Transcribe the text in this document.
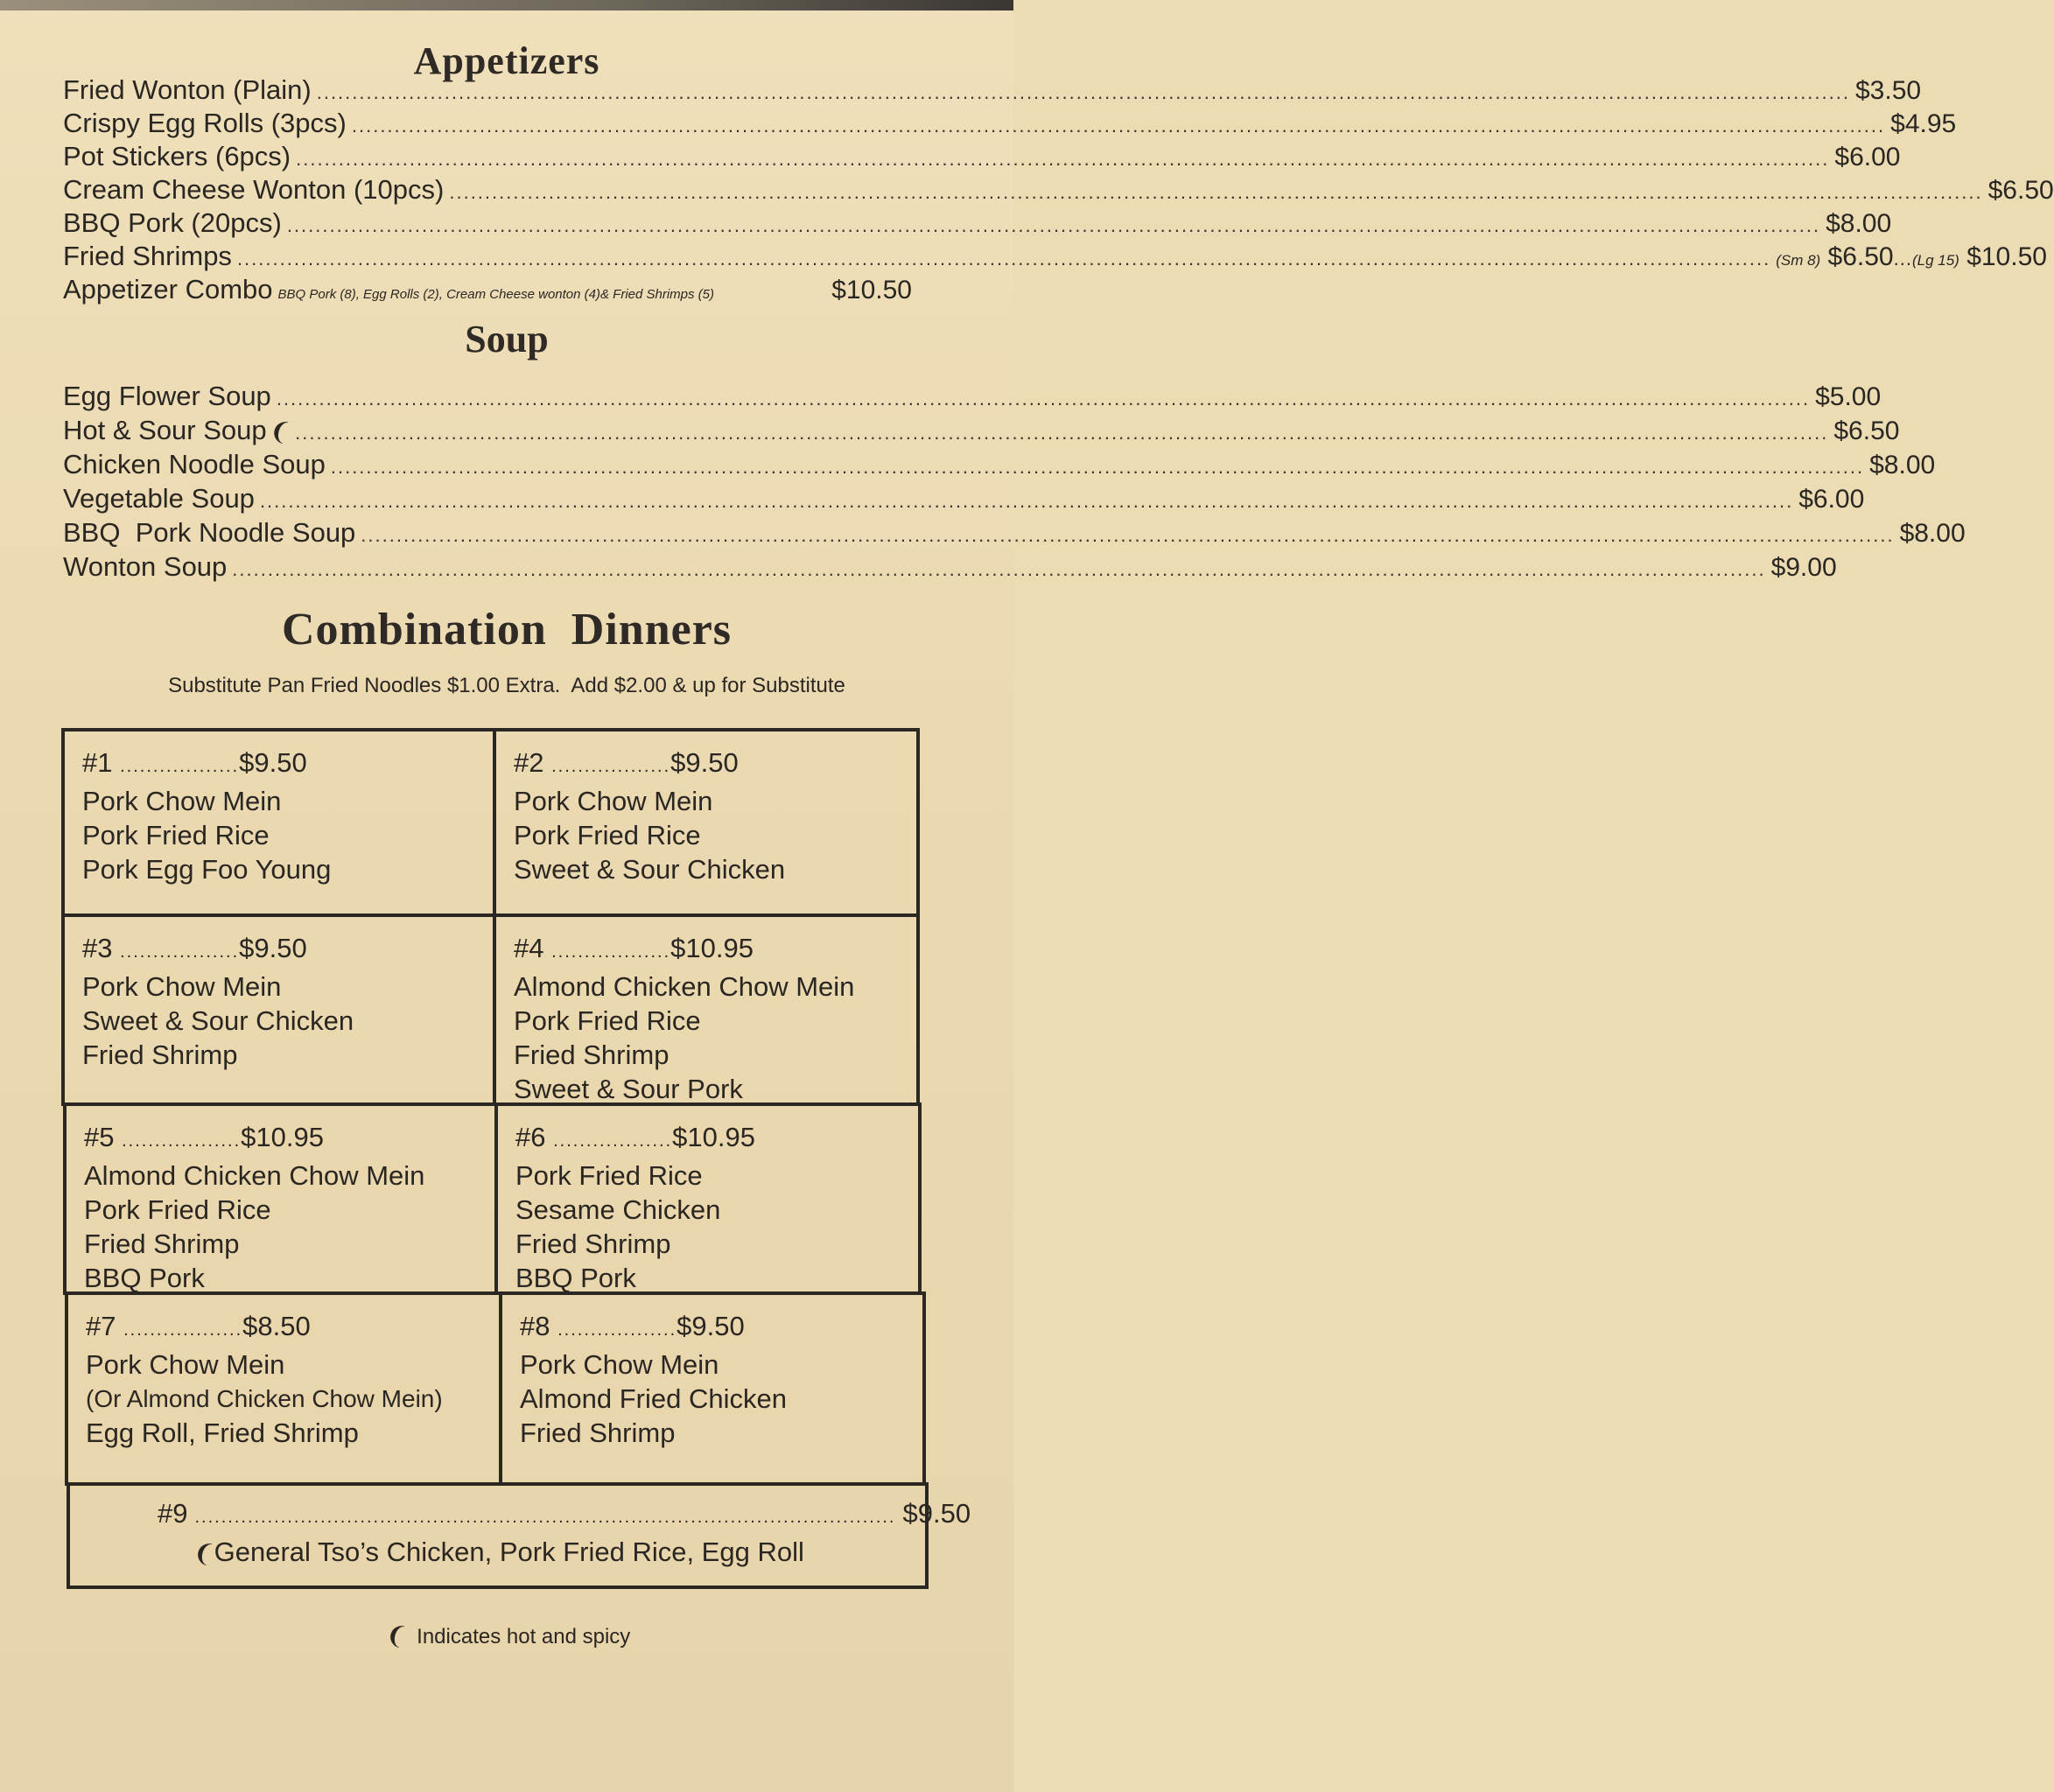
Appetizers
Fried Wonton (Plain) .....	$3.50
Crispy Egg Rolls (3pcs) .....	$4.95
Pot Stickers (6pcs) .....	$6.00
Cream Cheese Wonton (10pcs) .....	$6.50
BBQ Pork (20pcs) .....	$8.00
Fried Shrimps .....	(Sm 8) $6.50...(Lg 15) $10.50
Appetizer Combo BBQ Pork (8), Egg Rolls (2), Cream Cheese wonton (4)& Fried Shrimps (5)	$10.50
Soup
Egg Flower Soup .....	$5.00
Hot & Sour Soup ❨ .....	$6.50
Chicken Noodle Soup .....	$8.00
Vegetable Soup .....	$6.00
BBQ  Pork Noodle Soup .....	$8.00
Wonton Soup .....	$9.00
Combination  Dinners
Substitute Pan Fried Noodles $1.00 Extra.  Add $2.00 & up for Substitute
#1 ..................$9.50
Pork Chow Mein
Pork Fried Rice
Pork Egg Foo Young
#2 ..................$9.50
Pork Chow Mein
Pork Fried Rice
Sweet & Sour Chicken
#3 ..................$9.50
Pork Chow Mein
Sweet & Sour Chicken
Fried Shrimp
#4 ..................$10.95
Almond Chicken Chow Mein
Pork Fried Rice
Fried Shrimp
Sweet & Sour Pork
#5 ..................$10.95
Almond Chicken Chow Mein
Pork Fried Rice
Fried Shrimp
BBQ Pork
#6 ..................$10.95
Pork Fried Rice
Sesame Chicken
Fried Shrimp
BBQ Pork
#7 ..................$8.50
Pork Chow Mein
(Or Almond Chicken Chow Mein)
Egg Roll, Fried Shrimp
#8 ..................$9.50
Pork Chow Mein
Almond Fried Chicken
Fried Shrimp
#9 .......................................................................................................... $9.50
❨General Tso’s Chicken, Pork Fried Rice, Egg Roll
❨ Indicates hot and spicy
